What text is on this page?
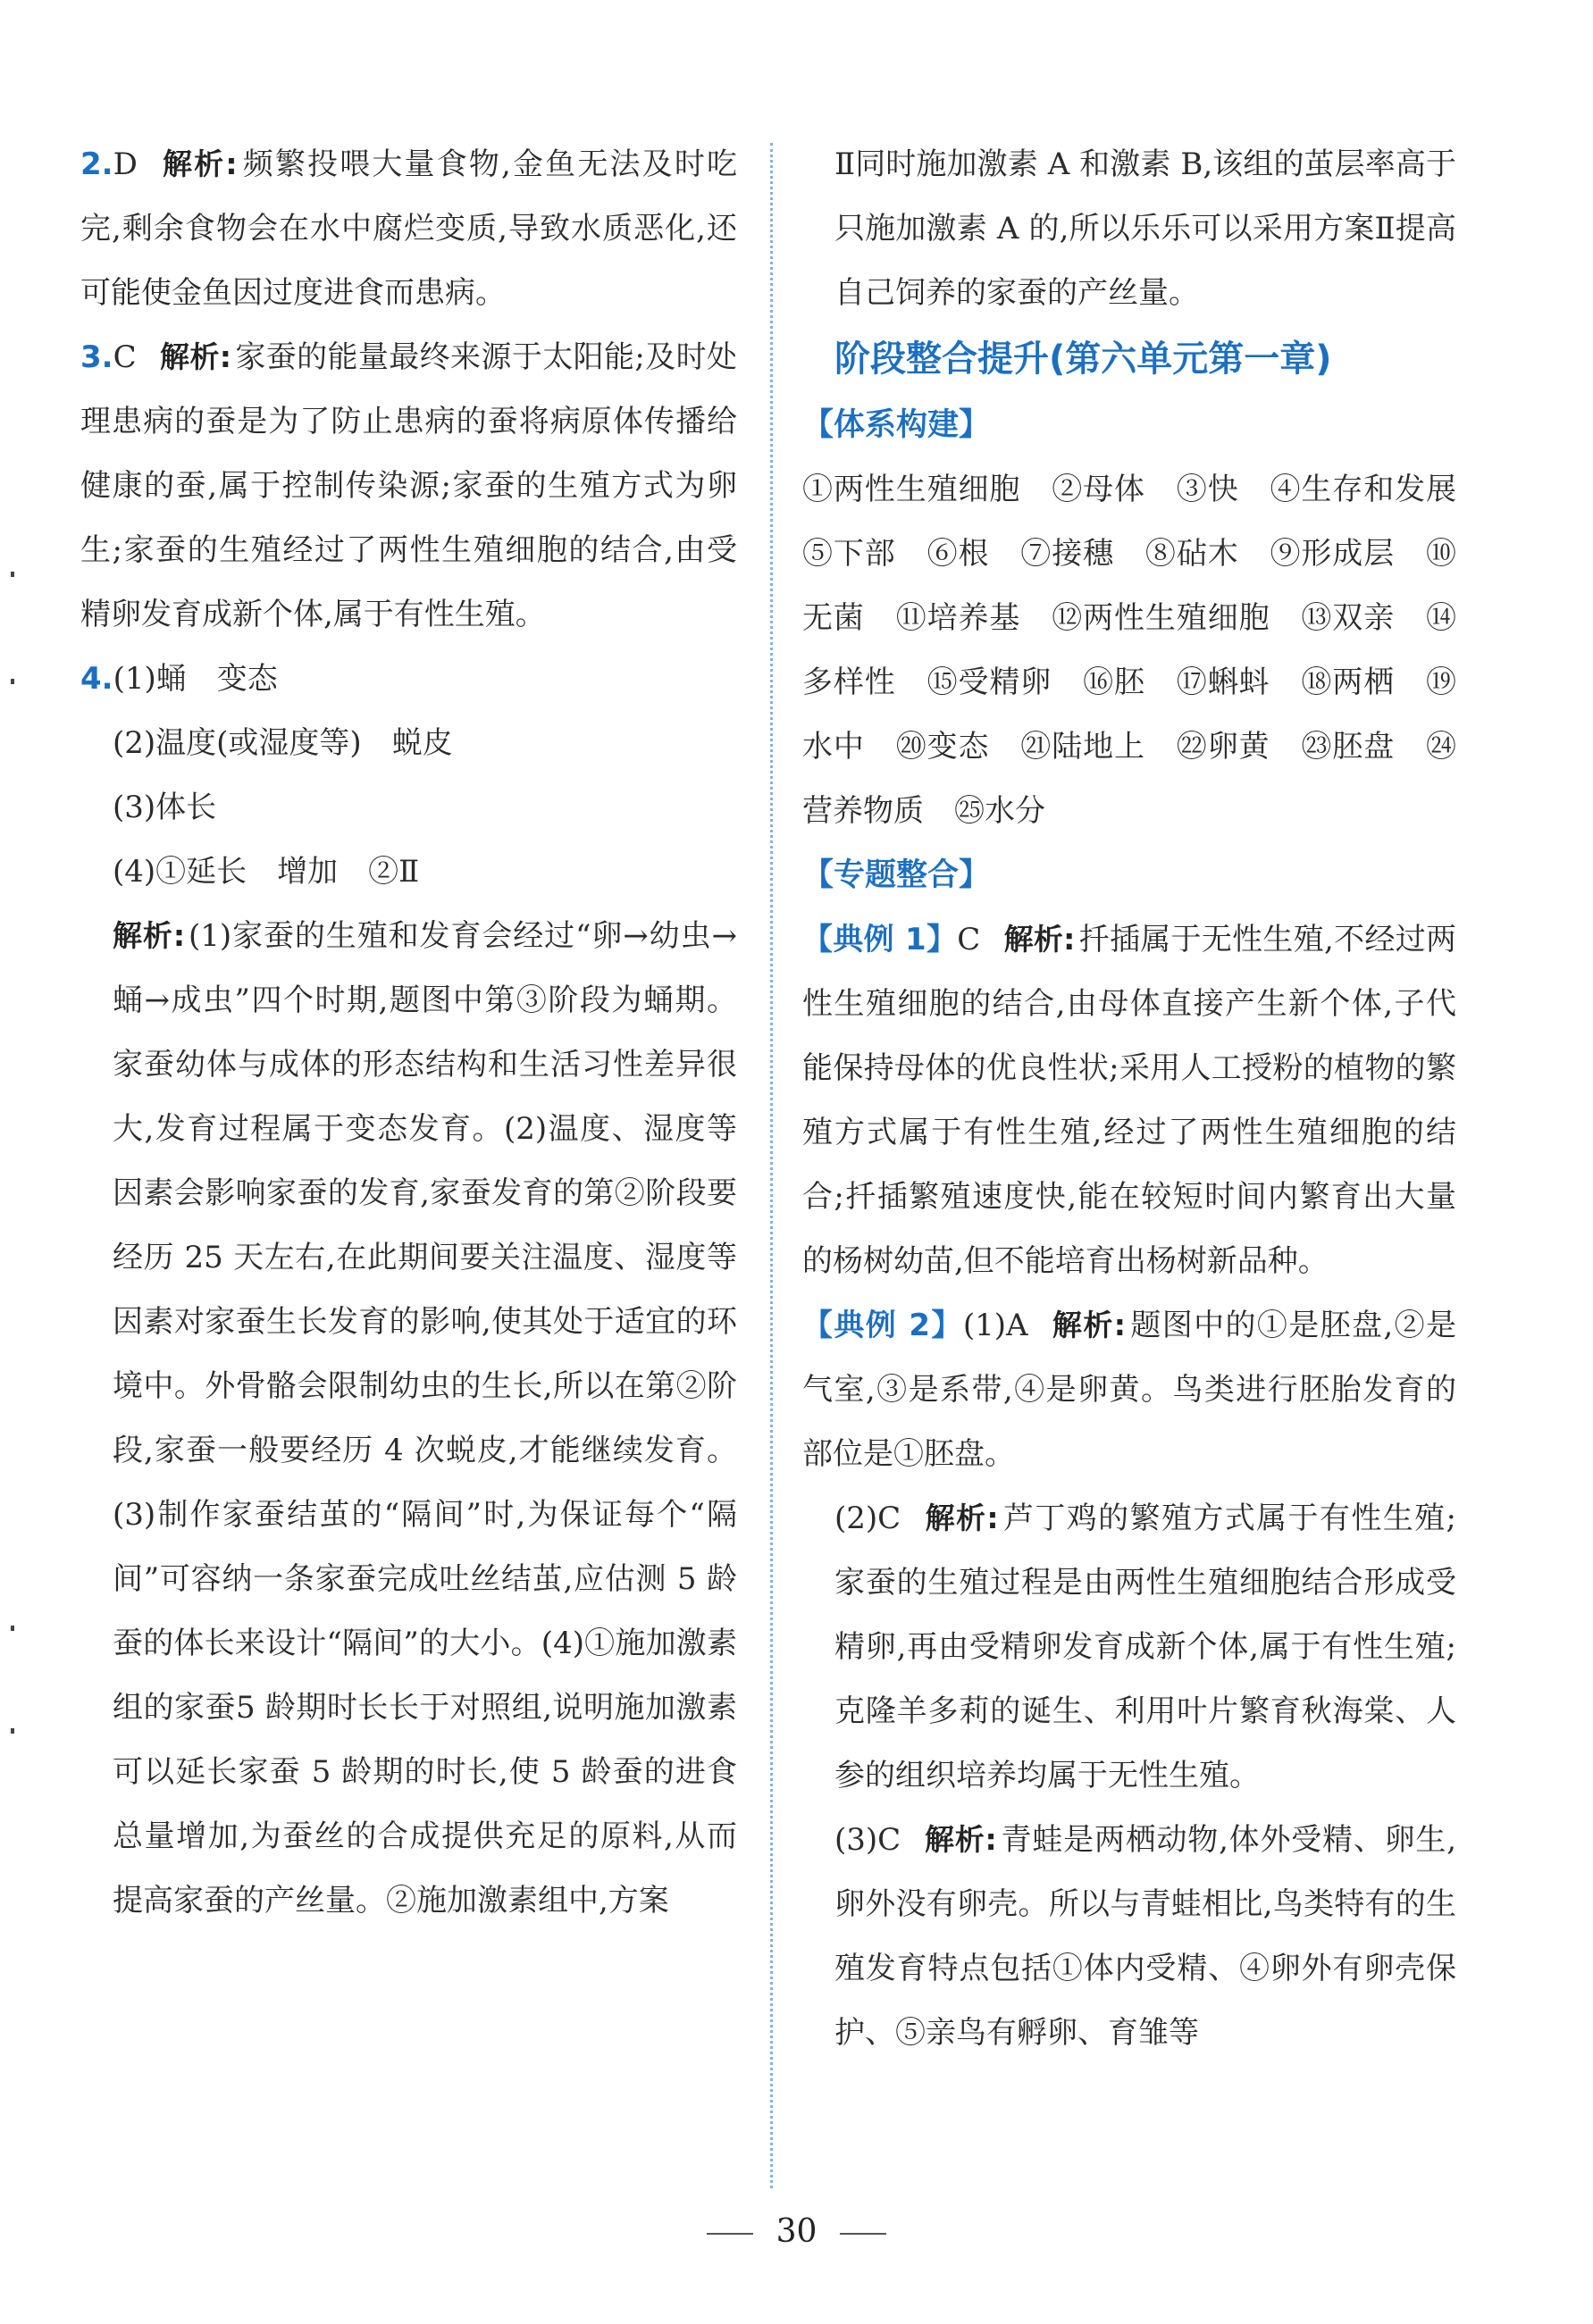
2.D 解析: 频繁投喂大量食物,金鱼无法及时吃完,剩余食物会在水中腐烂变质,导致水质恶化,还可能使金鱼因过度进食而患病。

3.C 解析: 家蚕的能量最终来源于太阳能;及时处理患病的蚕是为了防止患病的蚕将病原体传播给健康的蚕,属于控制传染源;家蚕的生殖方式为卵生;家蚕的生殖经过了两性生殖细胞的结合,由受精卵发育成新个体,属于有性生殖。

4.(1)蛹　变态

(2)温度(或湿度等)　蜕皮

(3)体长

(4)①延长　增加　②Ⅱ

解析: (1)家蚕的生殖和发育会经过“卵→幼虫→蛹→成虫”四个时期,题图中第③阶段为蛹期。家蚕幼体与成体的形态结构和生活习性差异很大,发育过程属于变态发育。(2)温度、湿度等因素会影响家蚕的发育,家蚕发育的第②阶段要经历 25 天左右,在此期间要关注温度、湿度等因素对家蚕生长发育的影响,使其处于适宜的环境中。外骨骼会限制幼虫的生长,所以在第②阶段,家蚕一般要经历 4 次蜕皮,才能继续发育。(3)制作家蚕结茧的“隔间”时,为保证每个“隔间”可容纳一条家蚕完成吐丝结茧,应估测 5 龄蚕的体长来设计“隔间”的大小。(4)①施加激素组的家蚕5 龄期时长长于对照组,说明施加激素可以延长家蚕 5 龄期的时长,使 5 龄蚕的进食总量增加,为蚕丝的合成提供充足的原料,从而提高家蚕的产丝量。②施加激素组中,方案

Ⅱ同时施加激素 A 和激素 B,该组的茧层率高于只施加激素 A 的,所以乐乐可以采用方案Ⅱ提高自己饲养的家蚕的产丝量。

阶段整合提升(第六单元第一章)

【体系构建】

①两性生殖细胞　②母体　③快　④生存和发展　⑤下部　⑥根　⑦接穗　⑧砧木　⑨形成层　⑩无菌　⑪培养基　⑫两性生殖细胞　⑬双亲　⑭多样性　⑮受精卵　⑯胚　⑰蝌蚪　⑱两栖　⑲水中　⑳变态　㉑陆地上　㉒卵黄　㉓胚盘　㉔营养物质　㉕水分

【专题整合】

【典例 1】C 解析: 扦插属于无性生殖,不经过两性生殖细胞的结合,由母体直接产生新个体,子代能保持母体的优良性状;采用人工授粉的植物的繁殖方式属于有性生殖,经过了两性生殖细胞的结合;扦插繁殖速度快,能在较短时间内繁育出大量的杨树幼苗,但不能培育出杨树新品种。

【典例 2】(1)A 解析: 题图中的①是胚盘,②是气室,③是系带,④是卵黄。鸟类进行胚胎发育的部位是①胚盘。

(2)C 解析: 芦丁鸡的繁殖方式属于有性生殖;家蚕的生殖过程是由两性生殖细胞结合形成受精卵,再由受精卵发育成新个体,属于有性生殖;克隆羊多莉的诞生、利用叶片繁育秋海棠、人参的组织培养均属于无性生殖。

(3)C 解析: 青蛙是两栖动物,体外受精、卵生,卵外没有卵壳。所以与青蛙相比,鸟类特有的生殖发育特点包括①体内受精、④卵外有卵壳保护、⑤亲鸟有孵卵、育雏等

30
